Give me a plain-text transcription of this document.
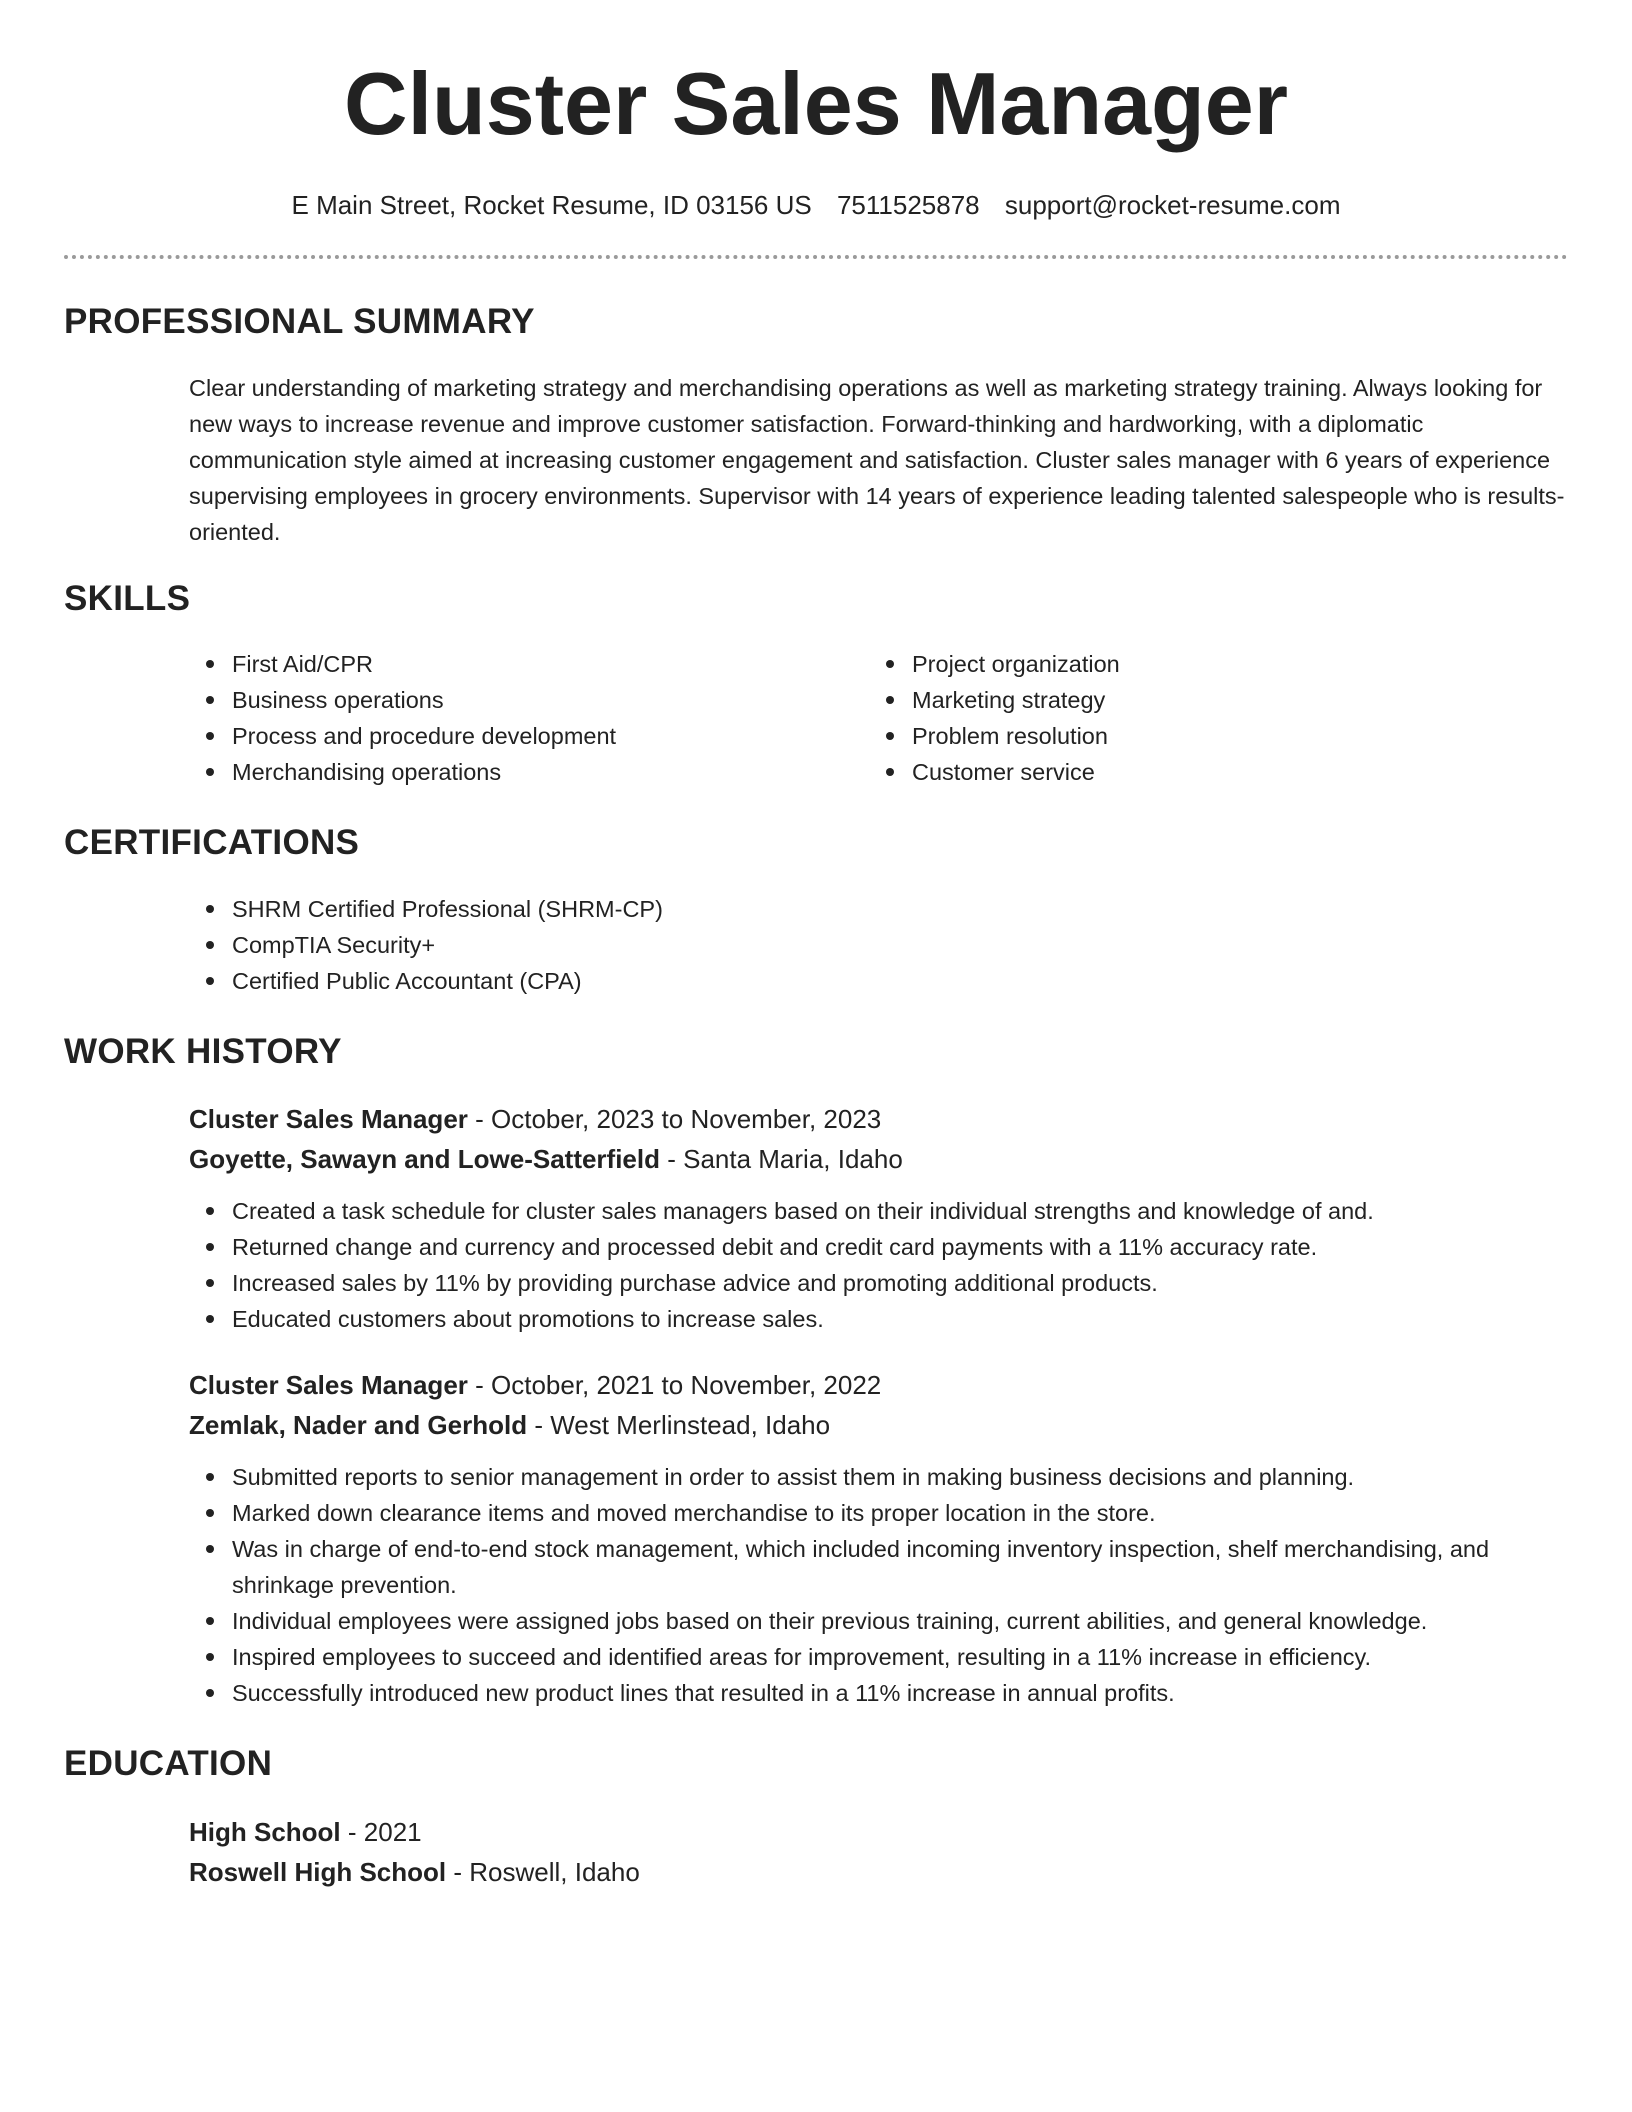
Cluster Sales Manager
E Main Street, Rocket Resume, ID 03156 US 7511525878 support@rocket-resume.com
PROFESSIONAL SUMMARY

Clear understanding of marketing strategy and merchandising operations as well as marketing strategy training. Always looking for new ways to increase revenue and improve customer satisfaction. Forward-thinking and hardworking, with a diplomatic communication style aimed at increasing customer engagement and satisfaction. Cluster sales manager with 6 years of experience supervising employees in grocery environments. Supervisor with 14 years of experience leading talented salespeople who is results-oriented.

SKILLS
First Aid/CPR
Business operations
Process and procedure development
Merchandising operations
Project organization
Marketing strategy
Problem resolution
Customer service
CERTIFICATIONS
SHRM Certified Professional (SHRM-CP)
CompTIA Security+
Certified Public Accountant (CPA)
WORK HISTORY
Cluster Sales Manager - October, 2023 to November, 2023
Goyette, Sawayn and Lowe-Satterfield - Santa Maria, Idaho
Created a task schedule for cluster sales managers based on their individual strengths and knowledge of and.
Returned change and currency and processed debit and credit card payments with a 11% accuracy rate.
Increased sales by 11% by providing purchase advice and promoting additional products.
Educated customers about promotions to increase sales.
Cluster Sales Manager - October, 2021 to November, 2022
Zemlak, Nader and Gerhold - West Merlinstead, Idaho
Submitted reports to senior management in order to assist them in making business decisions and planning.
Marked down clearance items and moved merchandise to its proper location in the store.
Was in charge of end-to-end stock management, which included incoming inventory inspection, shelf merchandising, and shrinkage prevention.
Individual employees were assigned jobs based on their previous training, current abilities, and general knowledge.
Inspired employees to succeed and identified areas for improvement, resulting in a 11% increase in efficiency.
Successfully introduced new product lines that resulted in a 11% increase in annual profits.
EDUCATION
High School - 2021
Roswell High School - Roswell, Idaho
